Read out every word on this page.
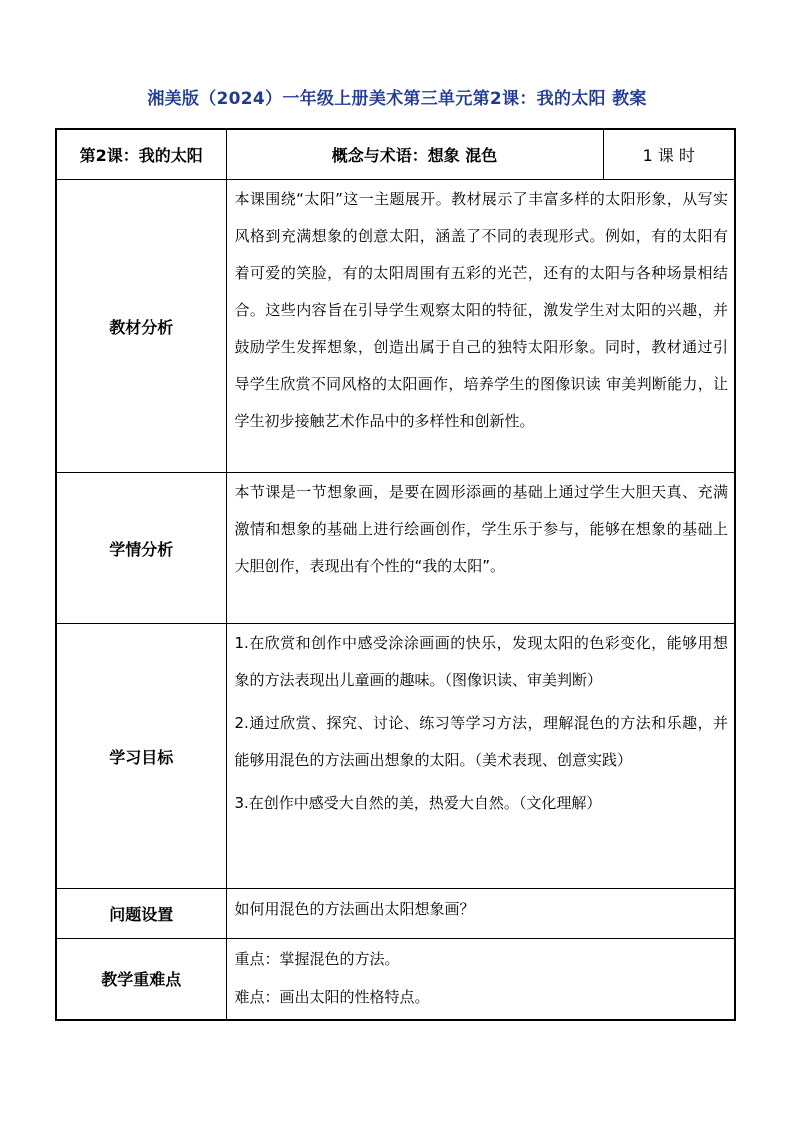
湘美版（2024）一年级上册美术第三单元第2课：我的太阳 教案
第2课：我的太阳	概念与术语：想象 混色	1 课 时
教材分析	本课围绕“太阳”这一主题展开。教材展示了丰富多样的太阳形象，从写实风格到充满想象的创意太阳，涵盖了不同的表现形式。例如，有的太阳有着可爱的笑脸，有的太阳周围有五彩的光芒，还有的太阳与各种场景相结合。这些内容旨在引导学生观察太阳的特征，激发学生对太阳的兴趣，并鼓励学生发挥想象，创造出属于自己的独特太阳形象。同时，教材通过引导学生欣赏不同风格的太阳画作，培养学生的图像识读 审美判断能力，让学生初步接触艺术作品中的多样性和创新性。	
学情分析	本节课是一节想象画，是要在圆形添画的基础上通过学生大胆天真、充满激情和想象的基础上进行绘画创作，学生乐于参与，能够在想象的基础上大胆创作，表现出有个性的“我的太阳”。	
学习目标	1.在欣赏和创作中感受涂涂画画的快乐，发现太阳的色彩变化，能够用想象的方法表现出儿童画的趣味。（图像识读、审美判断）

2.通过欣赏、探究、讨论、练习等学习方法，理解混色的方法和乐趣，并能够用混色的方法画出想象的太阳。（美术表现、创意实践）

3.在创作中感受大自然的美，热爱大自然。（文化理解）	

问题设置	如何用混色的方法画出太阳想象画？	
教学重难点	重点：掌握混色的方法。

难点：画出太阳的性格特点。	
